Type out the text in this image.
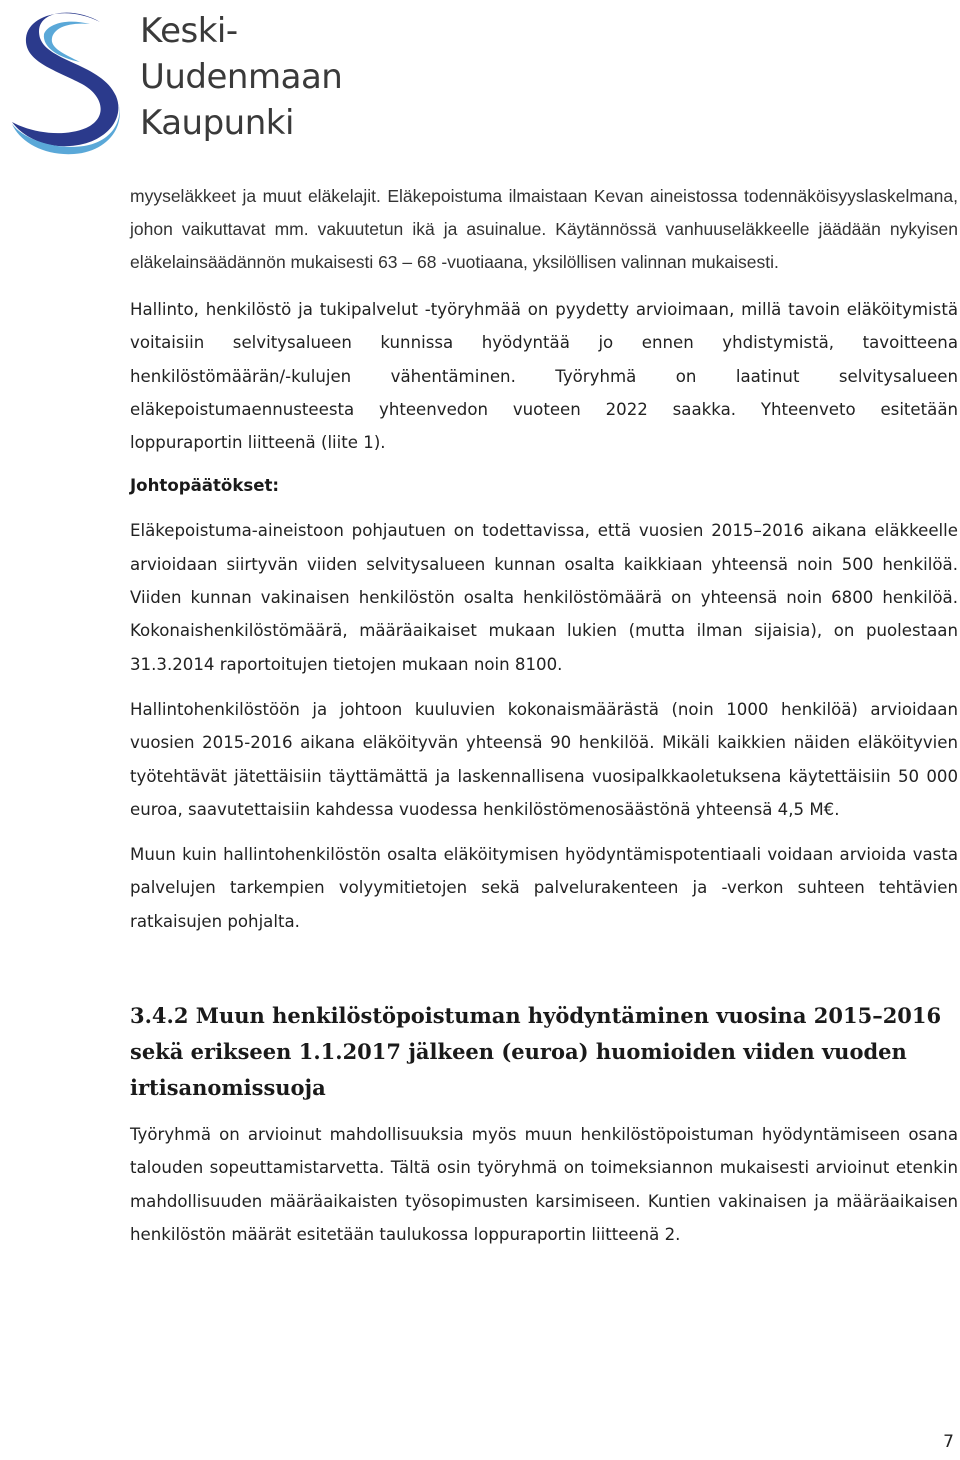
Keski-
Uudenmaan
Kaupunki

myyseläkkeet ja muut eläkelajit. Eläkepoistuma ilmaistaan Kevan aineistossa todennäköisyyslaskelmana, johon vaikuttavat mm. vakuutetun ikä ja asuinalue. Käytännössä vanhuuseläkkeelle jäädään nykyisen eläkelainsäädännön mukaisesti 63 – 68 -vuotiaana, yksilöllisen valinnan mukaisesti.

Hallinto, henkilöstö ja tukipalvelut -työryhmää on pyydetty arvioimaan, millä tavoin eläköitymistä voitaisiin selvitysalueen kunnissa hyödyntää jo ennen yhdistymistä, tavoitteena henkilöstömäärän/-kulujen vähentäminen. Työryhmä on laatinut selvitysalueen eläkepoistumaennusteesta yhteenvedon vuoteen 2022 saakka. Yhteenveto esitetään loppuraportin liitteenä (liite 1).

Johtopäätökset:

Eläkepoistuma-aineistoon pohjautuen on todettavissa, että vuosien 2015–2016 aikana eläkkeelle arvioidaan siirtyvän viiden selvitysalueen kunnan osalta kaikkiaan yhteensä noin 500 henkilöä. Viiden kunnan vakinaisen henkilöstön osalta henkilöstömäärä on yhteensä noin 6800 henkilöä. Kokonaishenkilöstömäärä, määräaikaiset mukaan lukien (mutta ilman sijaisia), on puolestaan 31.3.2014 raportoitujen tietojen mukaan noin 8100.

Hallintohenkilöstöön ja johtoon kuuluvien kokonaismäärästä (noin 1000 henkilöä) arvioidaan vuosien 2015-2016 aikana eläköityvän yhteensä 90 henkilöä. Mikäli kaikkien näiden eläköityvien työtehtävät jätettäisiin täyttämättä ja laskennallisena vuosipalkkaoletuksena käytettäisiin 50 000 euroa, saavutettaisiin kahdessa vuodessa henkilöstömenosäästönä yhteensä 4,5 M€.

Muun kuin hallintohenkilöstön osalta eläköitymisen hyödyntämispotentiaali voidaan arvioida vasta palvelujen tarkempien volyymitietojen sekä palvelurakenteen ja -verkon suhteen tehtävien ratkaisujen pohjalta.

3.4.2 Muun henkilöstöpoistuman hyödyntäminen vuosina 2015–2016 sekä erikseen 1.1.2017 jälkeen (euroa) huomioiden viiden vuoden irtisanomissuoja

Työryhmä on arvioinut mahdollisuuksia myös muun henkilöstöpoistuman hyödyntämiseen osana talouden sopeuttamistarvetta. Tältä osin työryhmä on toimeksiannon mukaisesti arvioinut etenkin mahdollisuuden määräaikaisten työsopimusten karsimiseen. Kuntien vakinaisen ja määräaikaisen henkilöstön määrät esitetään taulukossa loppuraportin liitteenä 2.

7
